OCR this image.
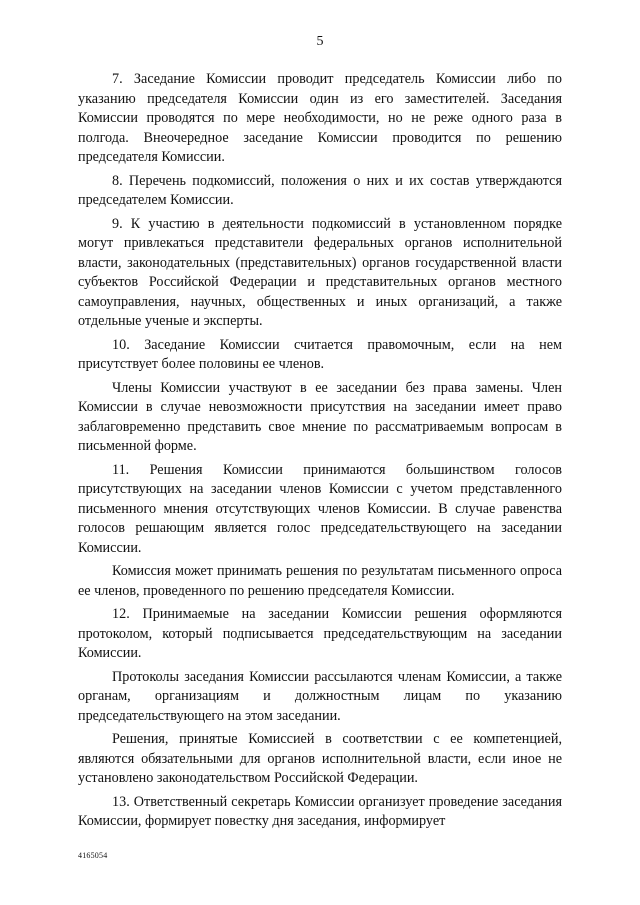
5

7. Заседание Комиссии проводит председатель Комиссии либо по указанию председателя Комиссии один из его заместителей. Заседания Комиссии проводятся по мере необходимости, но не реже одного раза в полгода. Внеочередное заседание Комиссии проводится по решению председателя Комиссии.

8. Перечень подкомиссий, положения о них и их состав утверждаются председателем Комиссии.

9. К участию в деятельности подкомиссий в установленном порядке могут привлекаться представители федеральных органов исполнительной власти, законодательных (представительных) органов государственной власти субъектов Российской Федерации и представительных органов местного самоуправления, научных, общественных и иных организаций, а также отдельные ученые и эксперты.

10. Заседание Комиссии считается правомочным, если на нем присутствует более половины ее членов.

Члены Комиссии участвуют в ее заседании без права замены. Член Комиссии в случае невозможности присутствия на заседании имеет право заблаговременно представить свое мнение по рассматриваемым вопросам в письменной форме.

11. Решения Комиссии принимаются большинством голосов присутствующих на заседании членов Комиссии с учетом представленного письменного мнения отсутствующих членов Комиссии. В случае равенства голосов решающим является голос председательствующего на заседании Комиссии.

Комиссия может принимать решения по результатам письменного опроса ее членов, проведенного по решению председателя Комиссии.

12. Принимаемые на заседании Комиссии решения оформляются протоколом, который подписывается председательствующим на заседании Комиссии.

Протоколы заседания Комиссии рассылаются членам Комиссии, а также органам, организациям и должностным лицам по указанию председательствующего на этом заседании.

Решения, принятые Комиссией в соответствии с ее компетенцией, являются обязательными для органов исполнительной власти, если иное не установлено законодательством Российской Федерации.

13. Ответственный секретарь Комиссии организует проведение заседания Комиссии, формирует повестку дня заседания, информирует

4165054
